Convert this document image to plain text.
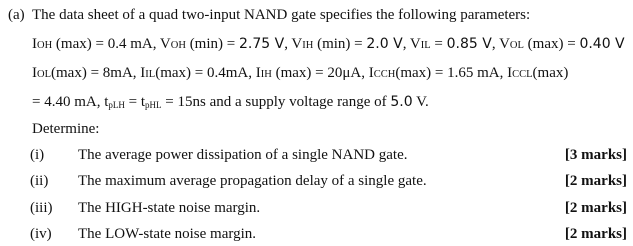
(a) The data sheet of a quad two-input NAND gate specifies the following parameters:
IOH (max) = 0.4 mA, VOH (min) = 2.75 V, VIH (min) = 2.0 V, VIL = 0.85 V, VOL (max) = 0.40 V
IOL(max) = 8mA, IIL(max) = 0.4mA, IIH (max) = 20μA, ICCH(max) = 1.65 mA, ICCL(max)
= 4.40 mA, $t_{pLH} = t_{pHL} = 15ns$ and a supply voltage range of 5.0 V.
Determine:
(i) The average power dissipation of a single NAND gate.	[3 marks]
(ii) The maximum average propagation delay of a single gate.	[2 marks]
(iii) The HIGH-state noise margin.	[2 marks]
(iv) The LOW-state noise margin.	[2 marks]
